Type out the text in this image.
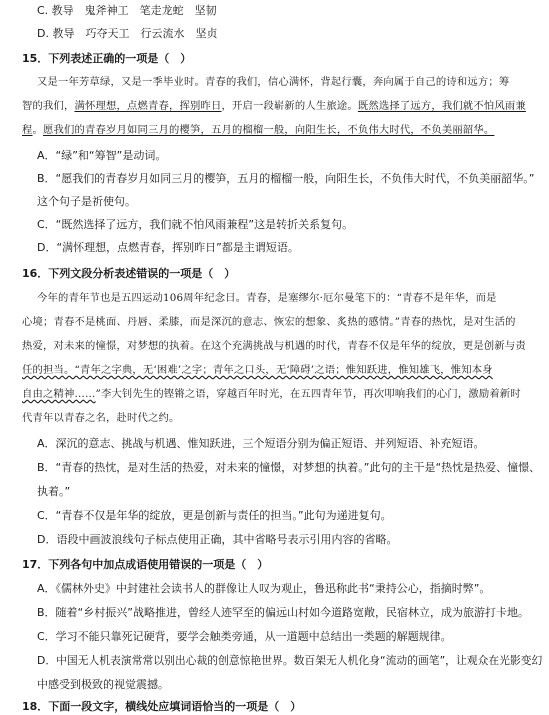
C. 教导　鬼斧神工　笔走龙蛇　坚韧
D. 教导　巧夺天工　行云流水　坚贞
15．下列表述正确的一项是（　）
又是一年芳草绿，又是一季毕业时。青春的我们，信心满怀，背起行囊，奔向属于自己的诗和远方；筹
智的我们，满怀理想，点燃青春，挥别昨日，开启一段崭新的人生旅途。既然选择了远方，我们就不怕风雨兼
程。愿我们的青春岁月如同三月的樱笋，五月的榴榴一般，向阳生长，不负伟大时代，不负美丽韶华。
A．“绿”和“筹智”是动词。
B．“愿我们的青春岁月如同三月的樱笋，五月的榴榴一般，向阳生长，不负伟大时代，不负美丽韶华。”
这个句子是祈使句。
C．“既然选择了远方，我们就不怕风雨兼程”这是转折关系复句。
D．“满怀理想，点燃青春，挥别昨日”都是主谓短语。
16．下列文段分析表述错误的一项是（　）
今年的青年节也是五四运动106周年纪念日。青春，是塞缪尔·厄尔曼笔下的：“青春不是年华，而是
心境；青春不是桃面、丹唇、柔膝，而是深沉的意志、恢宏的想象、炙热的感情。”青春的热忱，是对生活的
热爱，对未来的憧憬，对梦想的执着。在这个充满挑战与机遇的时代，青春不仅是年华的绽放，更是创新与责
任的担当。“青年之字典，无‘困难’之字；青年之口头，无‘障碍’之语；惟知跃进，惟知雄飞，惟知本身
自由之精神……”李大钊先生的铿锵之语，穿越百年时光，在五四青年节，再次叩响我们的心门，激励着新时
代青年以青春之名，赴时代之约。
A．深沉的意志、挑战与机遇、惟知跃进，三个短语分别为偏正短语、并列短语、补充短语。
B．“青春的热忱，是对生活的热爱，对未来的憧憬，对梦想的执着。”此句的主干是“热忱是热爱、憧憬、
执着。”
C．“青春不仅是年华的绽放，更是创新与责任的担当。”此句为递进复句。
D．语段中画波浪线句子标点使用正确，其中省略号表示引用内容的省略。
17．下列各句中加点成语使用错误的一项是（　）
A．《儒林外史》中封建社会读书人的群像让人叹为观止，鲁迅称此书“秉持公心，指摘时弊”。
B．随着“乡村振兴”战略推进，曾经人迹罕至的偏远山村如今道路宽敞，民宿林立，成为旅游打卡地。
C．学习不能只靠死记硬背，要学会触类旁通，从一道题中总结出一类题的解题规律。
D．中国无人机表演常常以别出心裁的创意惊艳世界。数百架无人机化身“流动的画笔”，让观众在光影变幻
中感受到极致的视觉震撼。
18．下面一段文字，横线处应填词语恰当的一项是（　）
